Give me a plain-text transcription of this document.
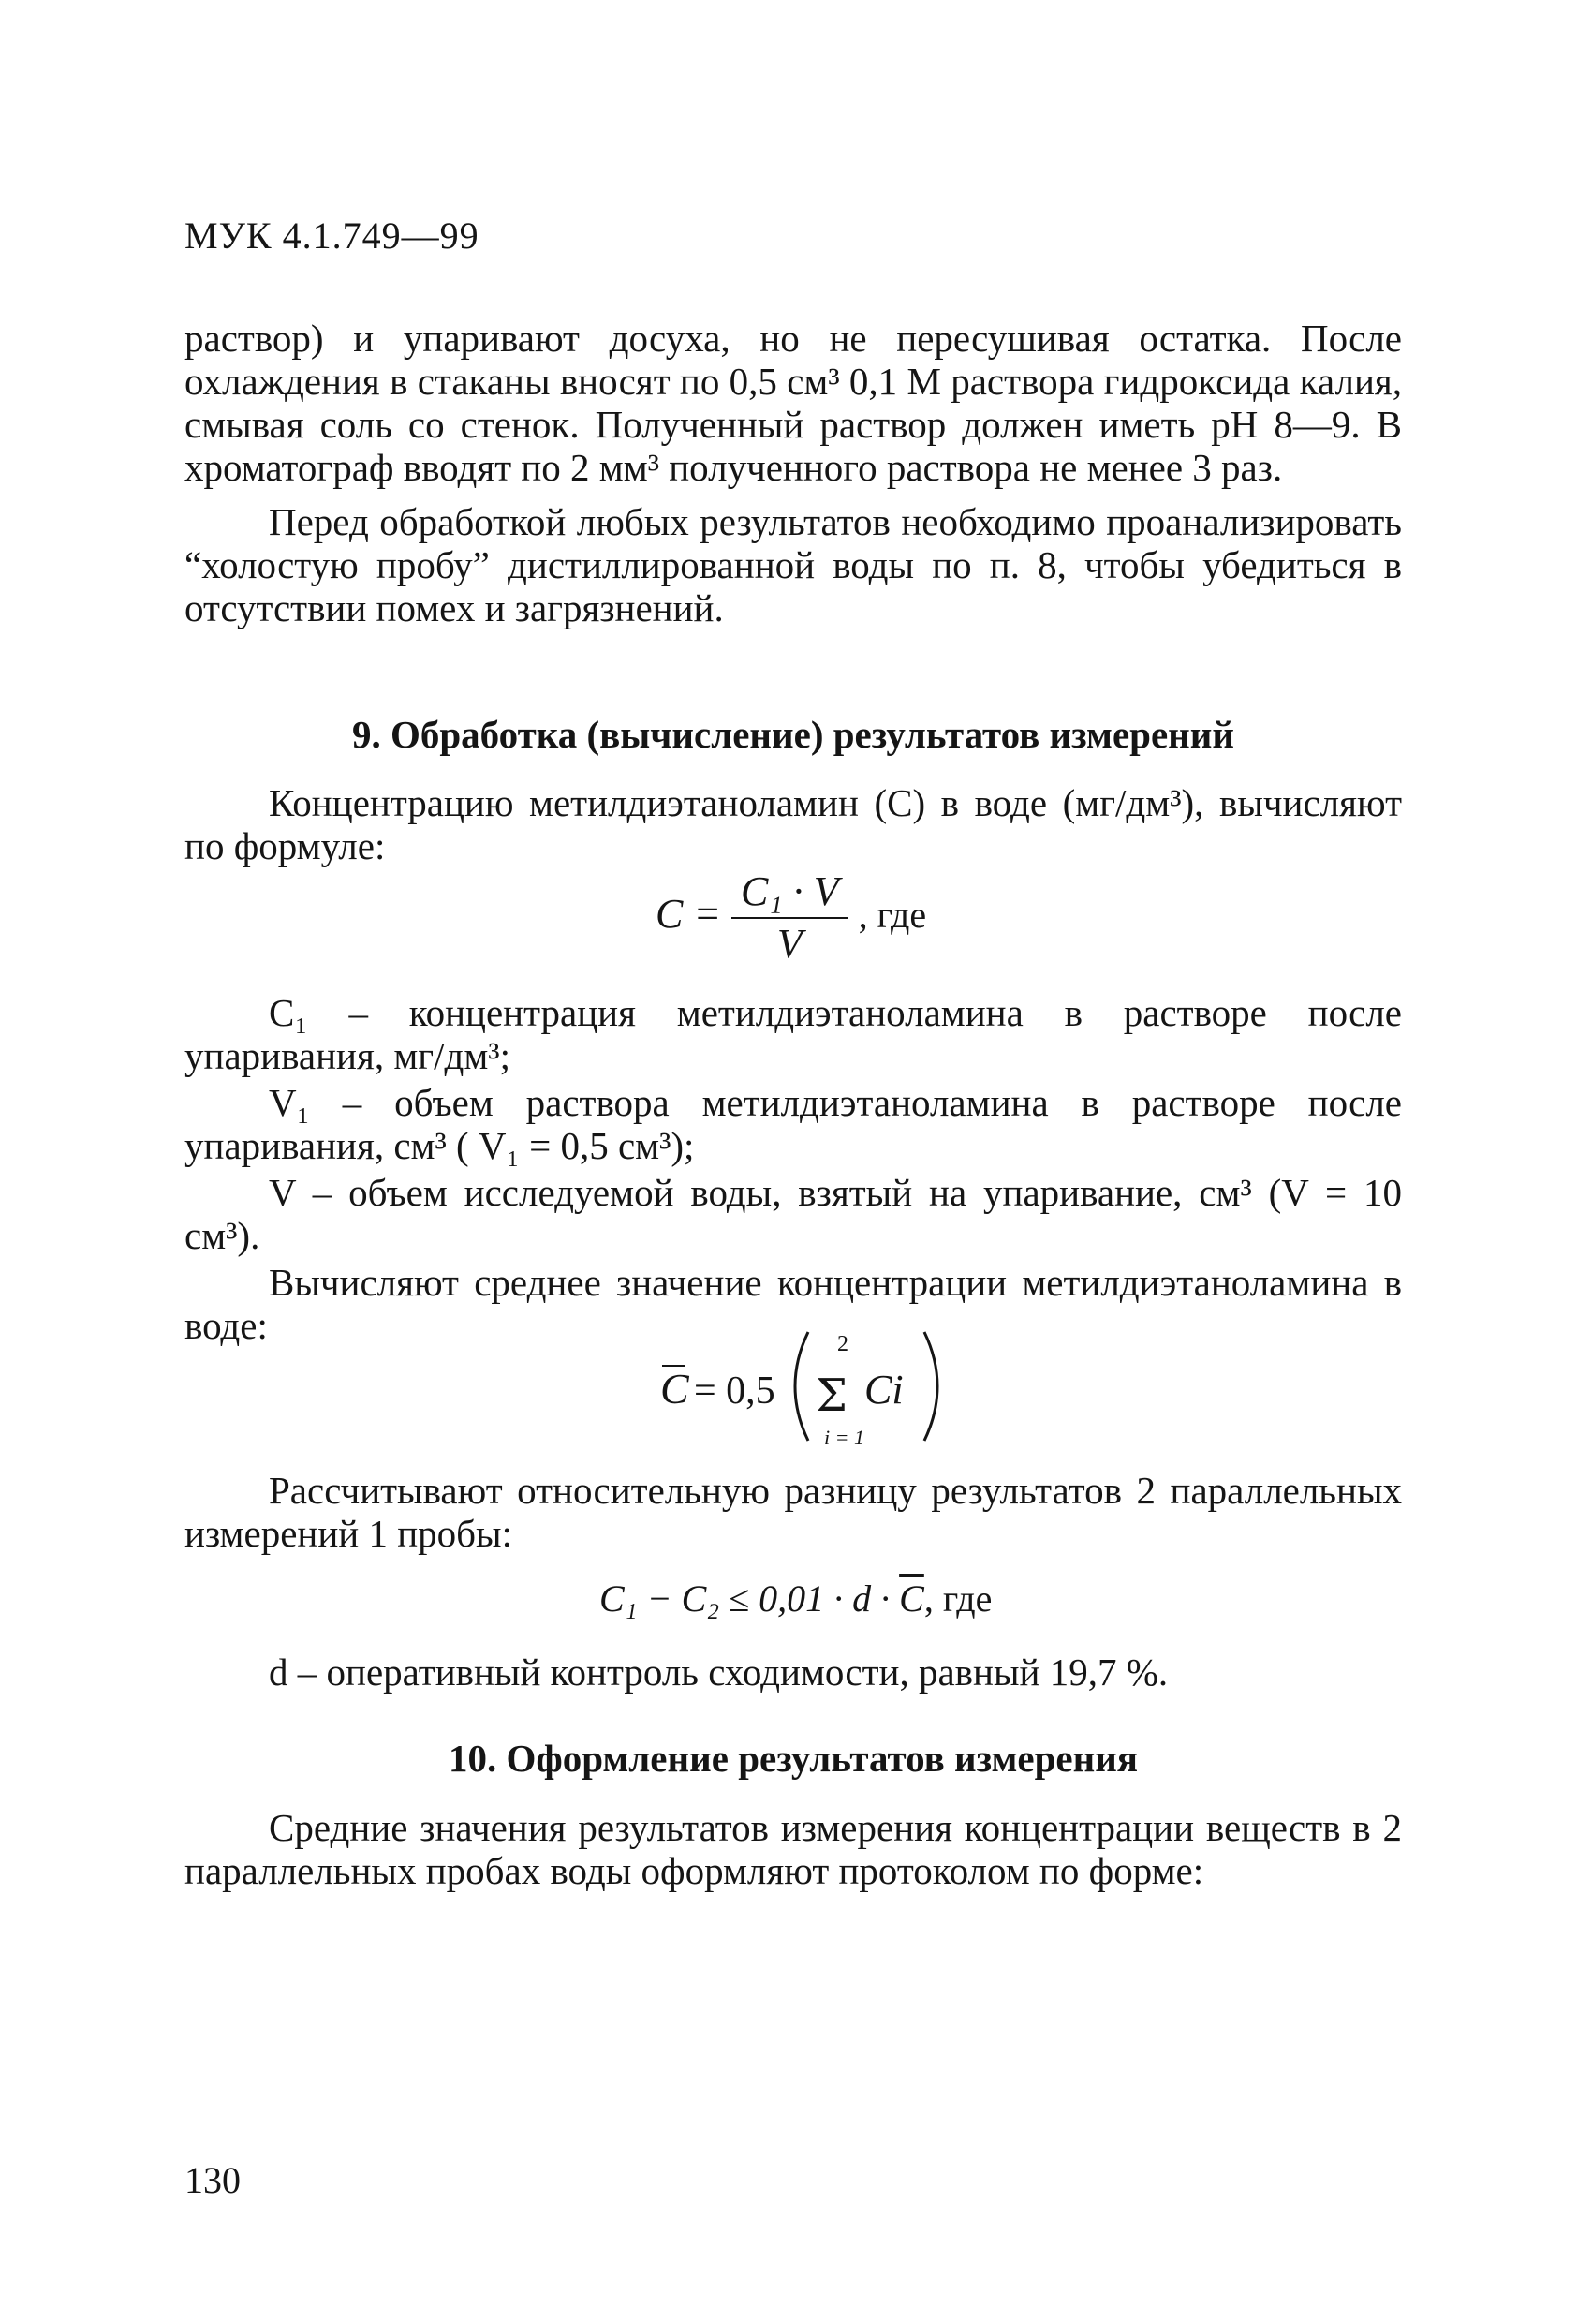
МУК 4.1.749—99

раствор) и упаривают досуха, но не пересушивая остатка. После охлаждения в стаканы вносят по 0,5 см³ 0,1 М раствора гидроксида калия, смывая соль со стенок. Полученный раствор должен иметь рН 8—9. В хроматограф вводят по 2 мм³ полученного раствора не менее 3 раз.

Перед обработкой любых результатов необходимо проанализировать “холостую пробу” дистиллированной воды по п. 8, чтобы убедиться в отсутствии помех и загрязнений.

9. Обработка (вычисление) результатов измерений

Концентрацию метилдиэтаноламин (С) в воде (мг/дм³), вычисляют по формуле:

$C = \frac{\text{C₁ · V}}{V}$ , где

C₁ – концентрация метилдиэтаноламина в растворе после упаривания, мг/дм³;

V₁ – объем раствора метилдиэтаноламина в растворе после упаривания, см³ ( V₁ = 0,5 см³);

V – объем исследуемой воды, взятый на упаривание, см³ (V = 10 см³).

Вычисляют среднее значение концентрации метилдиэтаноламина в воде:

C = 0,5
2
Σ
i = 1
Ci

Рассчитывают относительную разницу результатов 2 параллельных измерений 1 пробы:

$C_1 - C_2 \le 0,01 \cdot d \cdot \overline{C}$, где

d – оперативный контроль сходимости, равный 19,7 %.

10. Оформление результатов измерения

Средние значения результатов измерения концентрации веществ в 2 параллельных пробах воды оформляют протоколом по форме:

130
